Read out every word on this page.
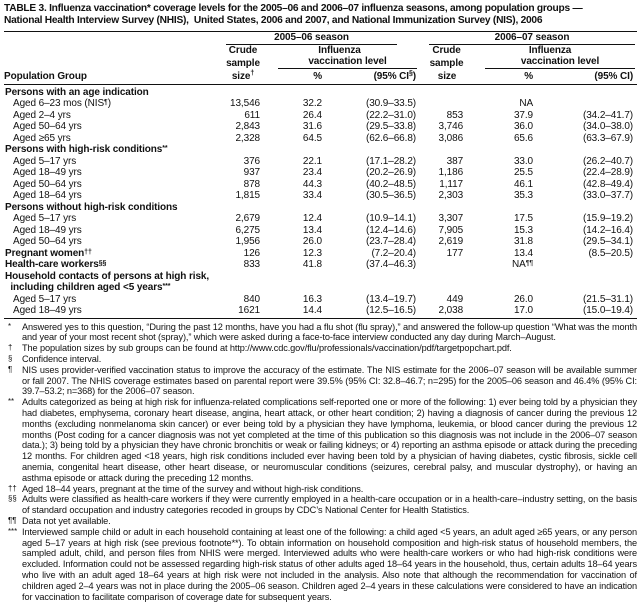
TABLE 3. Influenza vaccination* coverage levels for the 2005–06 and 2006–07 influenza seasons, among population groups —
National Health Interview Survey (NHIS),  United States, 2006 and 2007, and National Immunization Survey (NIS), 2006

2005–06 season	2006–07 season

	Crude	Influenza	Crude	Influenza
	sample	vaccination level	sample	vaccination level

Population Group	size†	%	(95% CI§)	size	%	(95% CI)
Persons with an age indication						
Aged 6–23 mos (NIS¶)	13,546	32.2	(30.9–33.5)		NA	
Aged 2–4 yrs	611	26.4	(22.2–31.0)	853	37.9	(34.2–41.7)
Aged 50–64 yrs	2,843	31.6	(29.5–33.8)	3,746	36.0	(34.0–38.0)
Aged ≥65 yrs	2,328	64.5	(62.6–66.8)	3,086	65.6	(63.3–67.9)
Persons with high-risk conditions**						
Aged 5–17 yrs	376	22.1	(17.1–28.2)	387	33.0	(26.2–40.7)
Aged 18–49 yrs	937	23.4	(20.2–26.9)	1,186	25.5	(22.4–28.9)
Aged 50–64 yrs	878	44.3	(40.2–48.5)	1,117	46.1	(42.8–49.4)
Aged 18–64 yrs	1,815	33.4	(30.5–36.5)	2,303	35.3	(33.0–37.7)
Persons without high-risk conditions						
Aged 5–17 yrs	2,679	12.4	(10.9–14.1)	3,307	17.5	(15.9–19.2)
Aged 18–49 yrs	6,275	13.4	(12.4–14.6)	7,905	15.3	(14.2–16.4)
Aged 50–64 yrs	1,956	26.0	(23.7–28.4)	2,619	31.8	(29.5–34.1)
Pregnant women††	126	12.3	(7.2–20.4)	177	13.4	(8.5–20.5)
Health-care workers§§	833	41.8	(37.4–46.3)		NA¶¶	
Household contacts of persons at high risk,
including children aged <5 years***						
Aged 5–17 yrs	840	16.3	(13.4–19.7)	449	26.0	(21.5–31.1)
Aged 18–49 yrs	1621	14.4	(12.5–16.5)	2,038	17.0	(15.0–19.4)
* Answered yes to this question, “During the past 12 months, have you had a flu shot (flu spray),” and answered the follow-up question “What was the month and year of your most recent shot (spray),” which were asked during a face-to-face interview conducted any day during March–August.
† The population sizes by sub groups can be found at http://www.cdc.gov/flu/professionals/vaccination/pdf/targetpopchart.pdf.
§ Confidence interval.
¶ NIS uses provider-verified vaccination status to improve the accuracy of the estimate. The NIS estimate for the 2006–07 season will be available summer or fall 2007. The NHIS coverage estimates based on parental report were 39.5% (95% CI: 32.8–46.7; n=295) for the 2005–06 season and 46.4% (95% CI: 39.7–53.2; n=368) for the 2006–07 season.
** Adults categorized as being at high risk for influenza-related complications self-reported one or more of the following: 1) ever being told by a physician they had diabetes, emphysema, coronary heart disease, angina, heart attack, or other heart condition; 2) having a diagnosis of cancer during the previous 12 months (excluding nonmelanoma skin cancer) or ever being told by a physician they have lymphoma, leukemia, or blood cancer during the previous 12 months (Post coding for a cancer diagnosis was not yet completed at the time of this publication so this diagnosis was not include in the 2006–07 season data.); 3) being told by a physician they have chronic bronchitis or weak or failing kidneys; or 4) reporting an asthma episode or attack during the preceding 12 months. For children aged <18 years, high risk conditions included ever having been told by a physician of having diabetes, cystic fibrosis, sickle cell anemia, congenital heart disease, other heart disease, or neuromuscular conditions (seizures, cerebral palsy, and muscular dystrophy), or having an asthma episode or attack during the preceding 12 months.
†† Aged 18–44 years, pregnant at the time of the survey and without high-risk conditions.
§§ Adults were classified as health-care workers if they were currently employed in a health-care occupation or in a health-care–industry setting, on the basis of standard occupation and industry categories recoded in groups by CDC’s National Center for Health Statistics.
¶¶ Data not yet available.
*** Interviewed sample child or adult in each household containing at least one of the following: a child aged <5 years, an adult aged ≥65 years, or any person aged 5–17 years at high risk (see previous footnote**). To obtain information on household composition and high-risk status of household members, the sampled adult, child, and person files from NHIS were merged. Interviewed adults who were health-care workers or who had high-risk conditions were excluded. Information could not be assessed regarding high-risk status of other adults aged 18–64 years in the household, thus, certain adults 18–64 years who live with an adult aged 18–64 years at high risk were not included in the analysis. Also note that although the recommendation for vaccination of children aged 2–4 years was not in place during the 2005–06 season. Children aged 2–4 years in these calculations were considered to have an indication for vaccination to facilitate comparison of coverage date for subsequent years.
